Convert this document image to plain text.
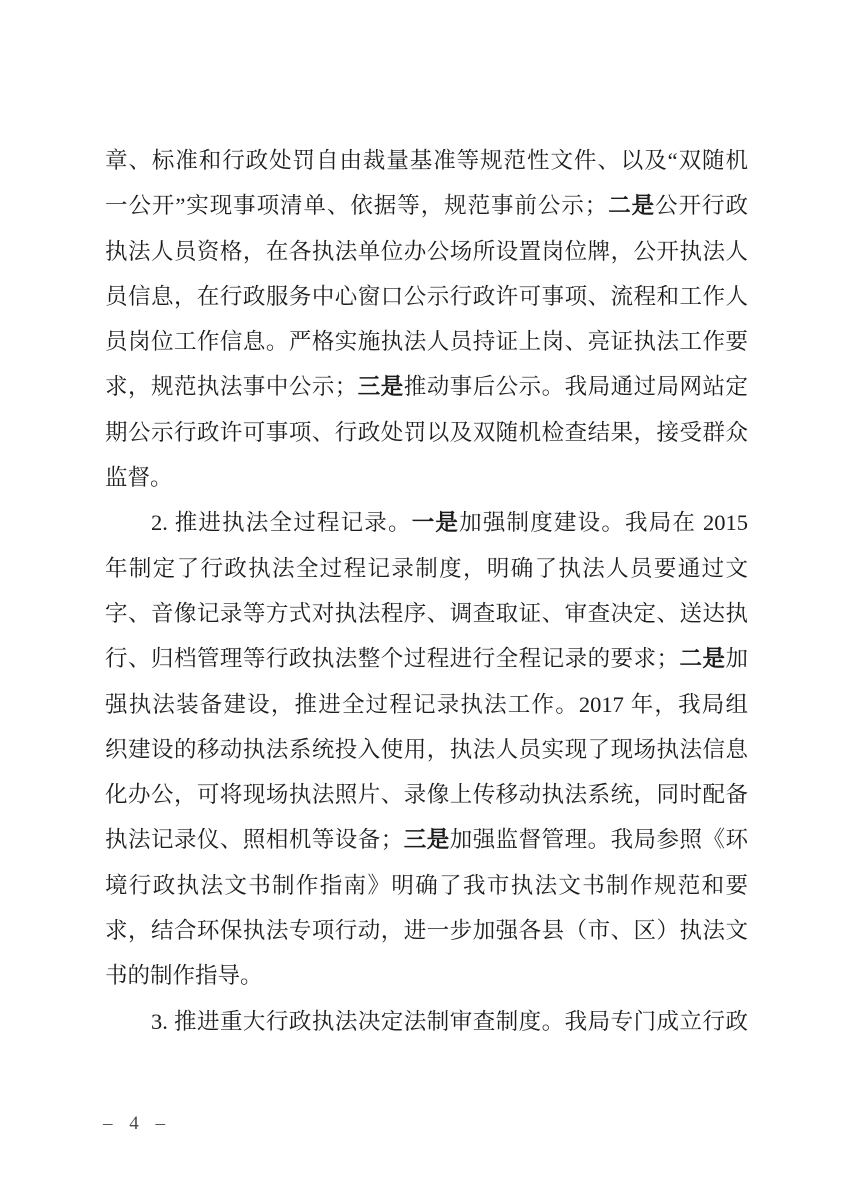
章、标准和行政处罚自由裁量基准等规范性文件、以及“双随机
一公开”实现事项清单、依据等，规范事前公示；二是公开行政
执法人员资格，在各执法单位办公场所设置岗位牌，公开执法人
员信息，在行政服务中心窗口公示行政许可事项、流程和工作人
员岗位工作信息。严格实施执法人员持证上岗、亮证执法工作要
求，规范执法事中公示；三是推动事后公示。我局通过局网站定
期公示行政许可事项、行政处罚以及双随机检查结果，接受群众
监督。
2. 推进执法全过程记录。一是加强制度建设。我局在 2015
年制定了行政执法全过程记录制度，明确了执法人员要通过文
字、音像记录等方式对执法程序、调查取证、审查决定、送达执
行、归档管理等行政执法整个过程进行全程记录的要求；二是加
强执法装备建设，推进全过程记录执法工作。2017 年，我局组
织建设的移动执法系统投入使用，执法人员实现了现场执法信息
化办公，可将现场执法照片、录像上传移动执法系统，同时配备
执法记录仪、照相机等设备；三是加强监督管理。我局参照《环
境行政执法文书制作指南》明确了我市执法文书制作规范和要
求，结合环保执法专项行动，进一步加强各县（市、区）执法文
书的制作指导。
3. 推进重大行政执法决定法制审查制度。我局专门成立行政
– 4 –
